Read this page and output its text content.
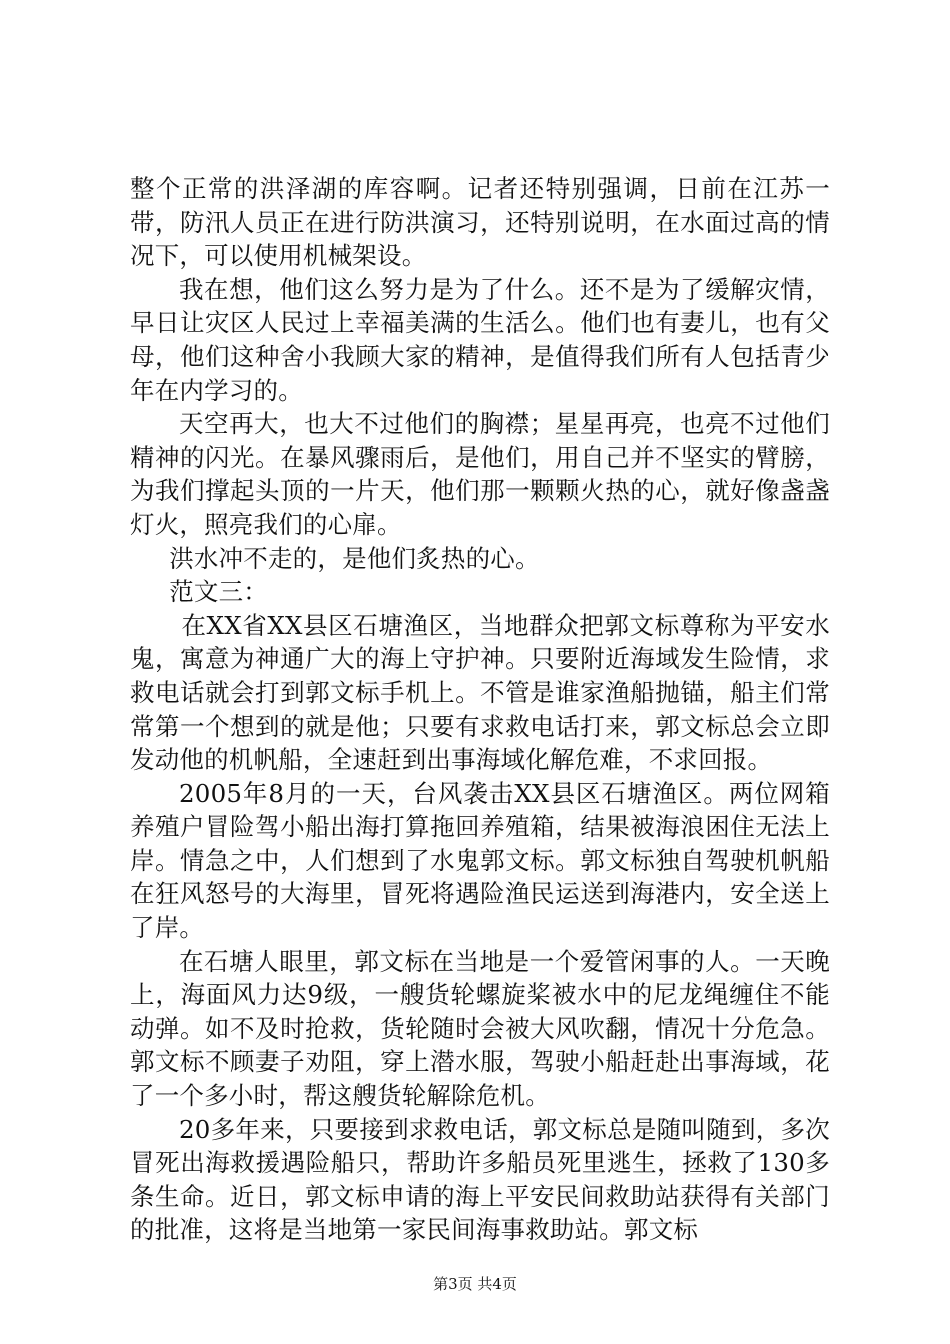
整个正常的洪泽湖的库容啊。记者还特别强调，日前在江苏一带，防汛人员正在进行防洪演习，还特别说明，在水面过高的情况下，可以使用机械架设。

我在想，他们这么努力是为了什么。还不是为了缓解灾情，早日让灾区人民过上幸福美满的生活么。他们也有妻儿，也有父母，他们这种舍小我顾大家的精神，是值得我们所有人包括青少年在内学习的。

天空再大，也大不过他们的胸襟；星星再亮，也亮不过他们精神的闪光。在暴风骤雨后，是他们，用自己并不坚实的臂膀，为我们撑起头顶的一片天，他们那一颗颗火热的心，就好像盏盏灯火，照亮我们的心扉。

洪水冲不走的，是他们炙热的心。

范文三：

在XX省XX县区石塘渔区，当地群众把郭文标尊称为平安水鬼，寓意为神通广大的海上守护神。只要附近海域发生险情，求救电话就会打到郭文标手机上。不管是谁家渔船抛锚，船主们常常第一个想到的就是他；只要有求救电话打来，郭文标总会立即发动他的机帆船，全速赶到出事海域化解危难，不求回报。

2005年8月的一天，台风袭击XX县区石塘渔区。两位网箱养殖户冒险驾小船出海打算拖回养殖箱，结果被海浪困住无法上岸。情急之中，人们想到了水鬼郭文标。郭文标独自驾驶机帆船在狂风怒号的大海里，冒死将遇险渔民运送到海港内，安全送上了岸。

在石塘人眼里，郭文标在当地是一个爱管闲事的人。一天晚上，海面风力达9级，一艘货轮螺旋桨被水中的尼龙绳缠住不能动弹。如不及时抢救，货轮随时会被大风吹翻，情况十分危急。郭文标不顾妻子劝阻，穿上潜水服，驾驶小船赶赴出事海域，花了一个多小时，帮这艘货轮解除危机。

20多年来，只要接到求救电话，郭文标总是随叫随到，多次冒死出海救援遇险船只，帮助许多船员死里逃生，拯救了130多条生命。近日，郭文标申请的海上平安民间救助站获得有关部门的批准，这将是当地第一家民间海事救助站。郭文标

第3页 共4页
